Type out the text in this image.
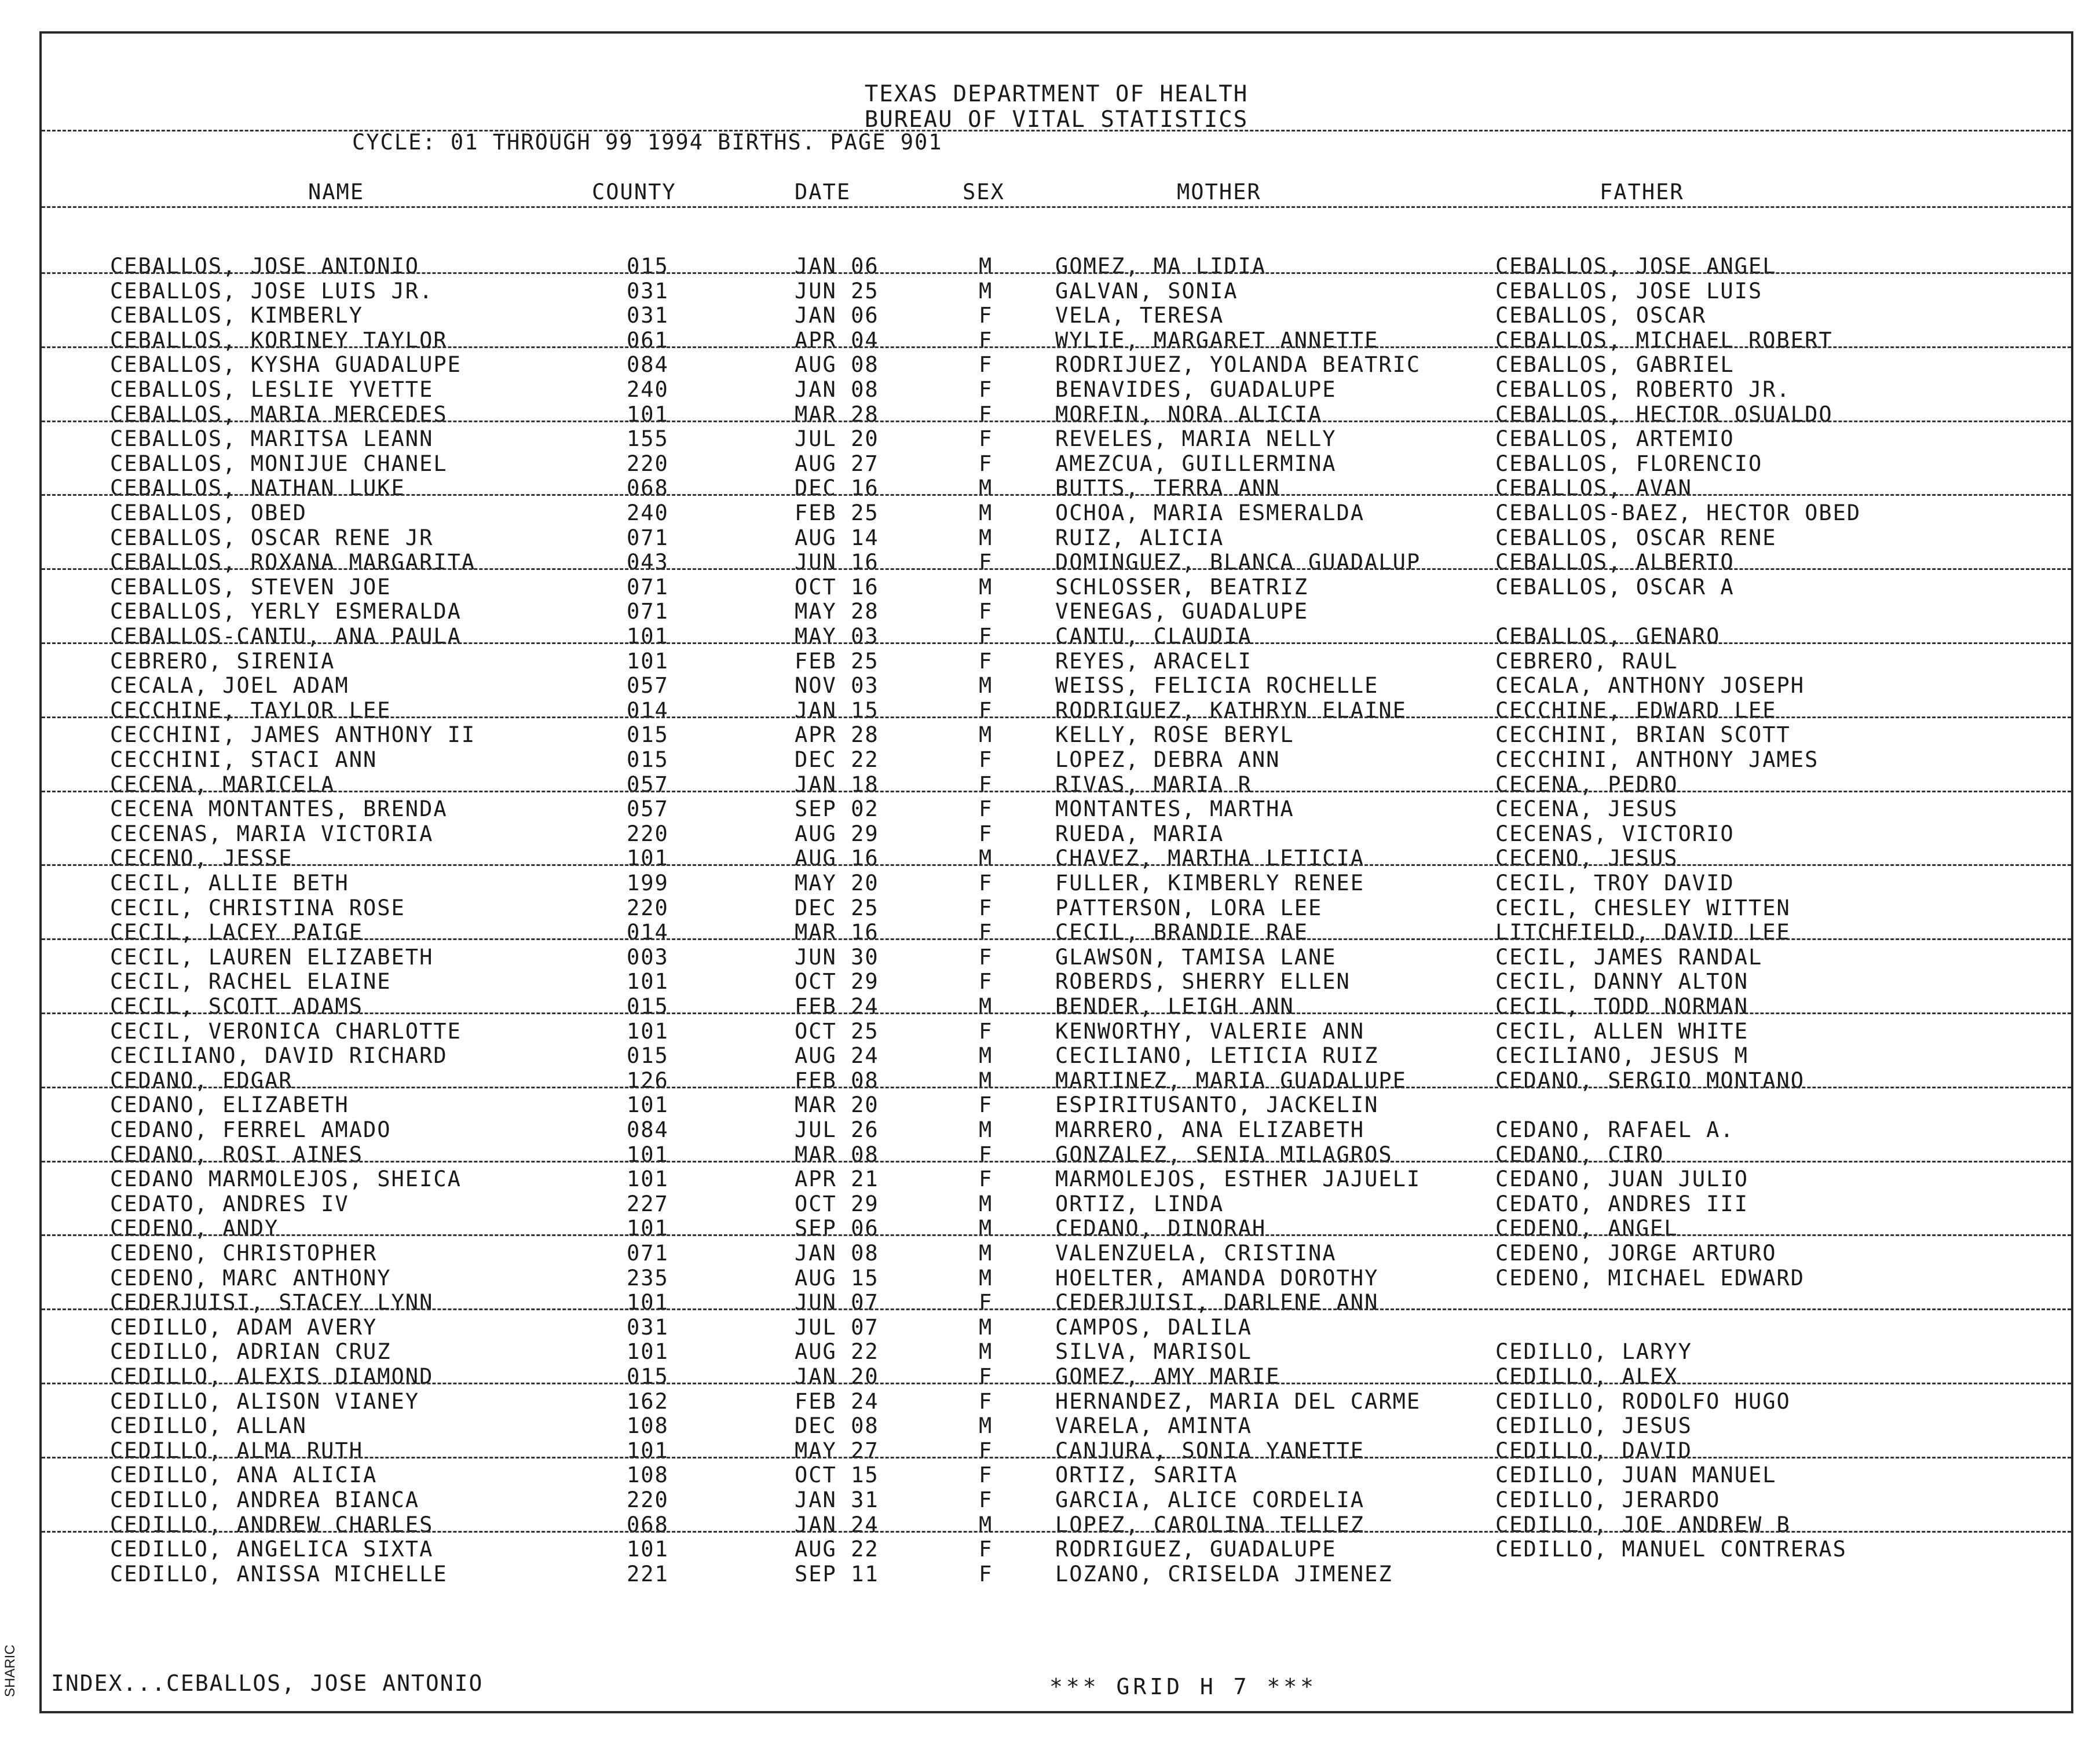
SHARIC
TEXAS DEPARTMENT OF HEALTH
BUREAU OF VITAL STATISTICS
CYCLE: 01 THROUGH 99 1994 BIRTHS. PAGE 901
NAME	COUNTY	DATE	SEX	MOTHER	FATHER
CEBALLOS, JOSE ANTONIO	015	JAN 06	M	GOMEZ, MA LIDIA	CEBALLOS, JOSE ANGEL
CEBALLOS, JOSE LUIS JR.	031	JUN 25	M	GALVAN, SONIA	CEBALLOS, JOSE LUIS
CEBALLOS, KIMBERLY	031	JAN 06	F	VELA, TERESA	CEBALLOS, OSCAR
CEBALLOS, KORINEY TAYLOR	061	APR 04	F	WYLIE, MARGARET ANNETTE	CEBALLOS, MICHAEL ROBERT
CEBALLOS, KYSHA GUADALUPE	084	AUG 08	F	RODRIJUEZ, YOLANDA BEATRIC	CEBALLOS, GABRIEL
CEBALLOS, LESLIE YVETTE	240	JAN 08	F	BENAVIDES, GUADALUPE	CEBALLOS, ROBERTO JR.
CEBALLOS, MARIA MERCEDES	101	MAR 28	F	MORFIN, NORA ALICIA	CEBALLOS, HECTOR OSUALDO
CEBALLOS, MARITSA LEANN	155	JUL 20	F	REVELES, MARIA NELLY	CEBALLOS, ARTEMIO
CEBALLOS, MONIJUE CHANEL	220	AUG 27	F	AMEZCUA, GUILLERMINA	CEBALLOS, FLORENCIO
CEBALLOS, NATHAN LUKE	068	DEC 16	M	BUTTS, TERRA ANN	CEBALLOS, AVAN
CEBALLOS, OBED	240	FEB 25	M	OCHOA, MARIA ESMERALDA	CEBALLOS-BAEZ, HECTOR OBED
CEBALLOS, OSCAR RENE JR	071	AUG 14	M	RUIZ, ALICIA	CEBALLOS, OSCAR RENE
CEBALLOS, ROXANA MARGARITA	043	JUN 16	F	DOMINGUEZ, BLANCA GUADALUP	CEBALLOS, ALBERTO
CEBALLOS, STEVEN JOE	071	OCT 16	M	SCHLOSSER, BEATRIZ	CEBALLOS, OSCAR A
CEBALLOS, YERLY ESMERALDA	071	MAY 28	F	VENEGAS, GUADALUPE
CEBALLOS-CANTU, ANA PAULA	101	MAY 03	F	CANTU, CLAUDIA	CEBALLOS, GENARO
CEBRERO, SIRENIA	101	FEB 25	F	REYES, ARACELI	CEBRERO, RAUL
CECALA, JOEL ADAM	057	NOV 03	M	WEISS, FELICIA ROCHELLE	CECALA, ANTHONY JOSEPH
CECCHINE, TAYLOR LEE	014	JAN 15	F	RODRIGUEZ, KATHRYN ELAINE	CECCHINE, EDWARD LEE
CECCHINI, JAMES ANTHONY II	015	APR 28	M	KELLY, ROSE BERYL	CECCHINI, BRIAN SCOTT
CECCHINI, STACI ANN	015	DEC 22	F	LOPEZ, DEBRA ANN	CECCHINI, ANTHONY JAMES
CECENA, MARICELA	057	JAN 18	F	RIVAS, MARIA R	CECENA, PEDRO
CECENA MONTANTES, BRENDA	057	SEP 02	F	MONTANTES, MARTHA	CECENA, JESUS
CECENAS, MARIA VICTORIA	220	AUG 29	F	RUEDA, MARIA	CECENAS, VICTORIO
CECENO, JESSE	101	AUG 16	M	CHAVEZ, MARTHA LETICIA	CECENO, JESUS
CECIL, ALLIE BETH	199	MAY 20	F	FULLER, KIMBERLY RENEE	CECIL, TROY DAVID
CECIL, CHRISTINA ROSE	220	DEC 25	F	PATTERSON, LORA LEE	CECIL, CHESLEY WITTEN
CECIL, LACEY PAIGE	014	MAR 16	F	CECIL, BRANDIE RAE	LITCHFIELD, DAVID LEE
CECIL, LAUREN ELIZABETH	003	JUN 30	F	GLAWSON, TAMISA LANE	CECIL, JAMES RANDAL
CECIL, RACHEL ELAINE	101	OCT 29	F	ROBERDS, SHERRY ELLEN	CECIL, DANNY ALTON
CECIL, SCOTT ADAMS	015	FEB 24	M	BENDER, LEIGH ANN	CECIL, TODD NORMAN
CECIL, VERONICA CHARLOTTE	101	OCT 25	F	KENWORTHY, VALERIE ANN	CECIL, ALLEN WHITE
CECILIANO, DAVID RICHARD	015	AUG 24	M	CECILIANO, LETICIA RUIZ	CECILIANO, JESUS M
CEDANO, EDGAR	126	FEB 08	M	MARTINEZ, MARIA GUADALUPE	CEDANO, SERGIO MONTANO
CEDANO, ELIZABETH	101	MAR 20	F	ESPIRITUSANTO, JACKELIN
CEDANO, FERREL AMADO	084	JUL 26	M	MARRERO, ANA ELIZABETH	CEDANO, RAFAEL A.
CEDANO, ROSI AINES	101	MAR 08	F	GONZALEZ, SENIA MILAGROS	CEDANO, CIRO
CEDANO MARMOLEJOS, SHEICA	101	APR 21	F	MARMOLEJOS, ESTHER JAJUELI	CEDANO, JUAN JULIO
CEDATO, ANDRES IV	227	OCT 29	M	ORTIZ, LINDA	CEDATO, ANDRES III
CEDENO, ANDY	101	SEP 06	M	CEDANO, DINORAH	CEDENO, ANGEL
CEDENO, CHRISTOPHER	071	JAN 08	M	VALENZUELA, CRISTINA	CEDENO, JORGE ARTURO
CEDENO, MARC ANTHONY	235	AUG 15	M	HOELTER, AMANDA DOROTHY	CEDENO, MICHAEL EDWARD
CEDERJUISI, STACEY LYNN	101	JUN 07	F	CEDERJUISI, DARLENE ANN
CEDILLO, ADAM AVERY	031	JUL 07	M	CAMPOS, DALILA
CEDILLO, ADRIAN CRUZ	101	AUG 22	M	SILVA, MARISOL	CEDILLO, LARYY
CEDILLO, ALEXIS DIAMOND	015	JAN 20	F	GOMEZ, AMY MARIE	CEDILLO, ALEX
CEDILLO, ALISON VIANEY	162	FEB 24	F	HERNANDEZ, MARIA DEL CARME	CEDILLO, RODOLFO HUGO
CEDILLO, ALLAN	108	DEC 08	M	VARELA, AMINTA	CEDILLO, JESUS
CEDILLO, ALMA RUTH	101	MAY 27	F	CANJURA, SONIA YANETTE	CEDILLO, DAVID
CEDILLO, ANA ALICIA	108	OCT 15	F	ORTIZ, SARITA	CEDILLO, JUAN MANUEL
CEDILLO, ANDREA BIANCA	220	JAN 31	F	GARCIA, ALICE CORDELIA	CEDILLO, JERARDO
CEDILLO, ANDREW CHARLES	068	JAN 24	M	LOPEZ, CAROLINA TELLEZ	CEDILLO, JOE ANDREW B
CEDILLO, ANGELICA SIXTA	101	AUG 22	F	RODRIGUEZ, GUADALUPE	CEDILLO, MANUEL CONTRERAS
CEDILLO, ANISSA MICHELLE	221	SEP 11	F	LOZANO, CRISELDA JIMENEZ
INDEX...CEBALLOS, JOSE ANTONIO	*** GRID H 7 ***
